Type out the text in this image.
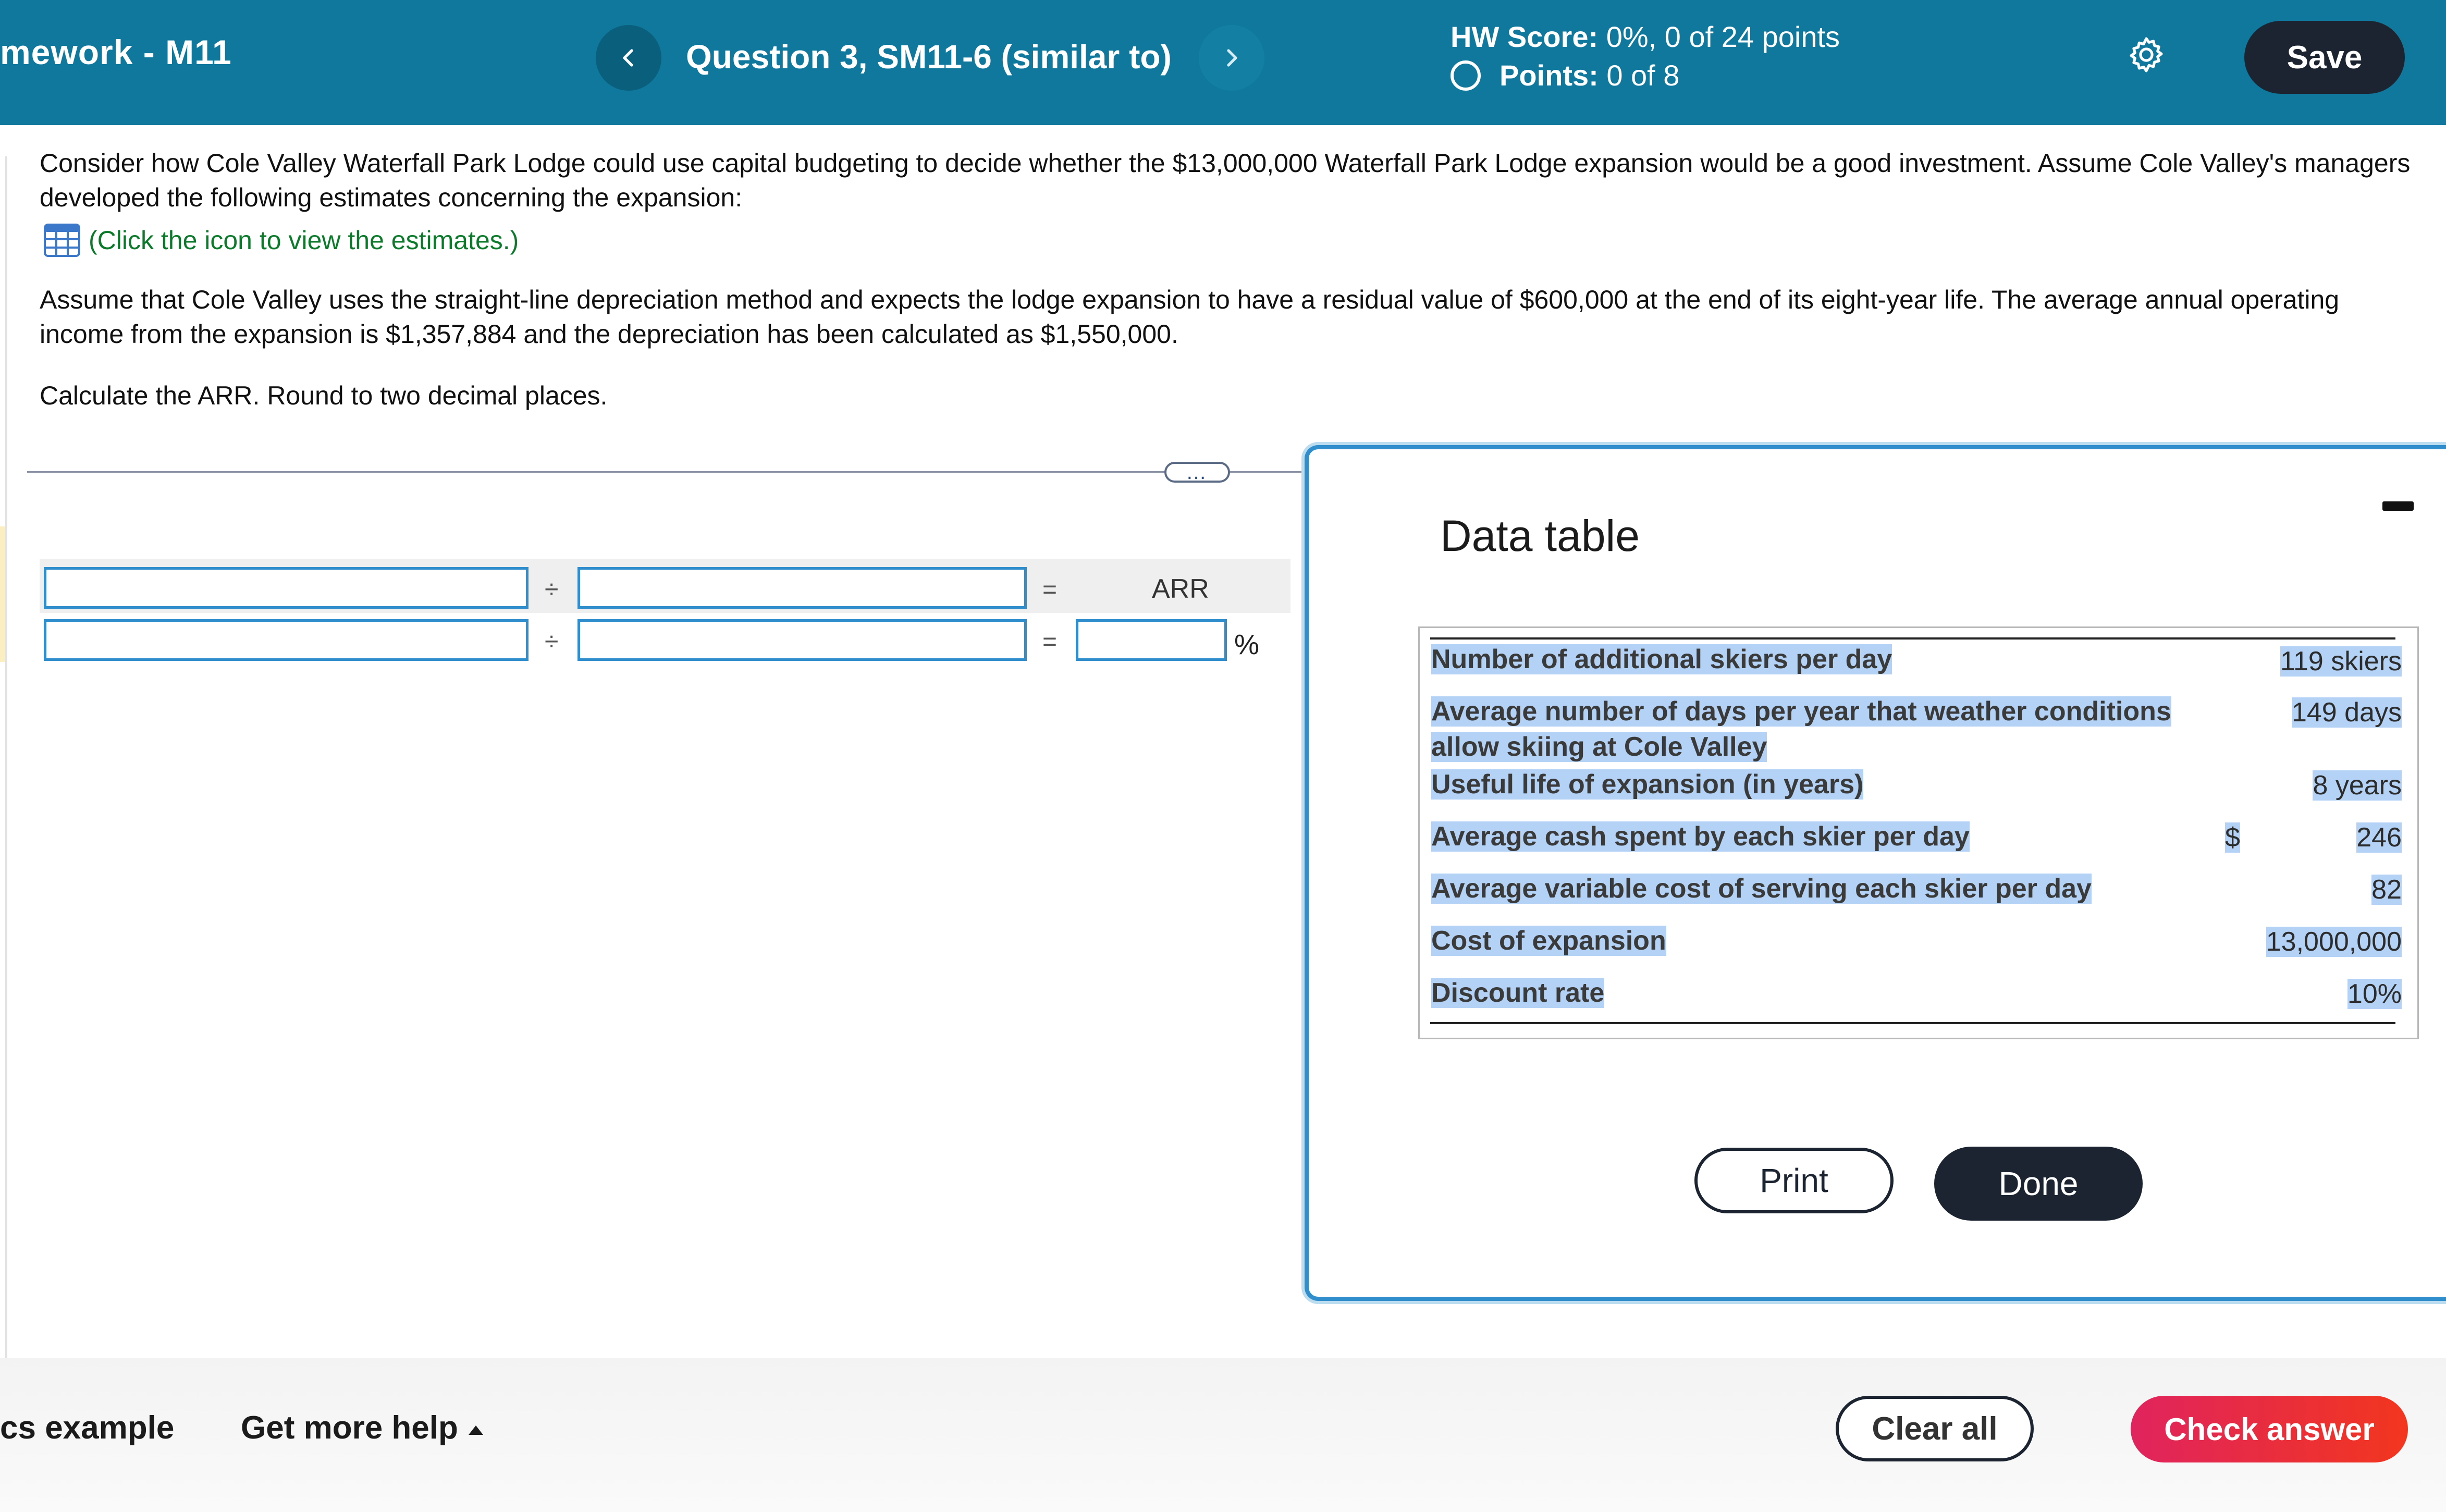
mework - M11	Question 3, SM11-6 (similar to)
HW Score: 0%, 0 of 24 points
Points: 0 of 8	Save

Consider how Cole Valley Waterfall Park Lodge could use capital budgeting to decide whether the $13,000,000 Waterfall Park Lodge expansion would be a good investment. Assume Cole Valley's managers developed the following estimates concerning the expansion:

(Click the icon to view the estimates.)

Assume that Cole Valley uses the straight-line depreciation method and expects the lodge expansion to have a residual value of $600,000 at the end of its eight-year life. The average annual operating income from the expansion is $1,357,884 and the depreciation has been calculated as $1,550,000.

Calculate the ARR. Round to two decimal places.

…
÷	=	ARR
÷	=	%
Data table
Number of additional skiers per day	119 skiers
Average number of days per year that weather conditions allow skiing at Cole Valley
149 days
Useful life of expansion (in years)	8 years
Average cash spent by each skier per day	$	246
Average variable cost of serving each skier per day	82
Cost of expansion	13,000,000
Discount rate	10%
Print	Done
cs example Get more help	Clear all	Check answer
